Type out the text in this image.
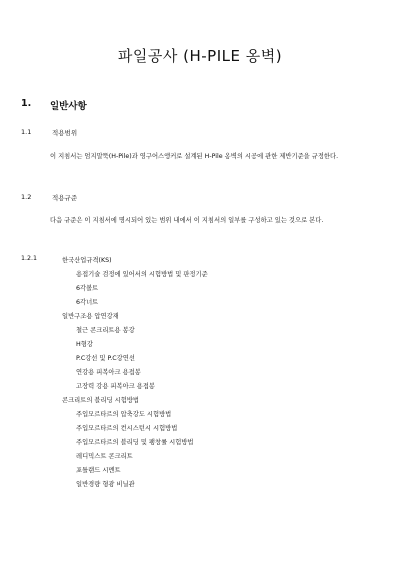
파일공사 (H-PILE 옹벽)
1. 일반사항
1.1	적용범위
이 지침서는 엄지말뚝(H-Pile)과 영구어스앵커로 설계된 H-Pile 옹벽의 시공에 관한 제반기준을 규정한다.
1.2	적용규준
다음 규준은 이 지침서에 명시되어 있는 범위 내에서 이 지침서의 일부를 구성하고 있는 것으로 본다.
1.2.1	한국산업규격(KS)
용접기술 검정에 있어서의 시험방법 및 판정기준
6각볼트
6각너트
일반구조용 압연강재
철근 콘크리트용 봉강
H형강
P.C강선 및 P.C강연선
연강용 피복아크 용접봉
고장력 강용 피복아크 용접봉
콘크리트의 블리딩 시험방법
주입모르타르의 압축강도 시험방법
주입모르타르의 컨시스턴시 시험방법
주입모르타르의 블리딩 및 팽창률 시험방법
레디믹스트 콘크리트
포틀랜드 시멘트
일반경량 형광 비닐관
